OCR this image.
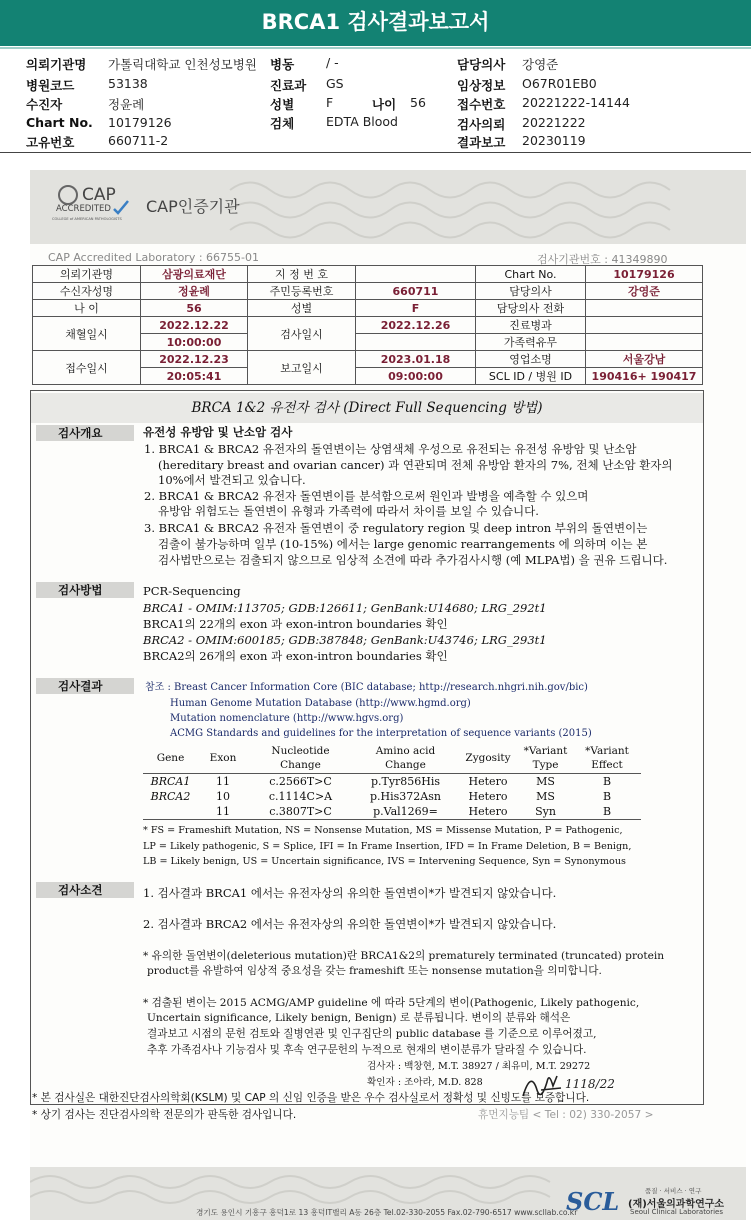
BRCA1 검사결과보고서
의뢰기관명 가톨릭대학교 인천성모병원
병원코드	53138
수진자	정윤례
Chart No. 10179126
고유번호	660711-2
병동	/ -
진료과 GS
성별	F	나이 56
검체	EDTA Blood
담당의사 강영준
임상정보 O67R01EB0
접수번호 20221222-14144
검사의뢰 20221222
결과보고 20230119
CAP
ACCREDITED
COLLEGE of AMERICAN PATHOLOGISTS
CAP인증기관
CAP Accredited Laboratory : 66755-01	검사기관번호 : 41349890
의뢰기관명	삼광의료재단	지 정 번 호		Chart No.	10179126
수신자성명	정윤례	주민등록번호	660711	담당의사	강영준
나 이	56	성별	F	담당의사 전화	
채혈일시	2022.12.22	검사일시	2022.12.26	진료병과	
	10:00:00			가족력유무	
접수일시	2022.12.23	보고일시	2023.01.18	영업소명	서울강남
	20:05:41		09:00:00	SCL ID / 병원 ID	190416+ 190417
BRCA 1&2 유전자 검사 (Direct Full Sequencing 방법)
검사개요	유전성 유방암 및 난소암 검사
1. BRCA1 & BRCA2 유전자의 돌연변이는 상염색체 우성으로 유전되는 유전성 유방암 및 난소암
(hereditary breast and ovarian cancer) 과 연관되며 전체 유방암 환자의 7%, 전체 난소암 환자의
10%에서 발견되고 있습니다.
2. BRCA1 & BRCA2 유전자 돌연변이를 분석함으로써 원인과 발병을 예측할 수 있으며
유방암 위험도는 돌연변이 유형과 가족력에 따라서 차이를 보일 수 있습니다.
3. BRCA1 & BRCA2 유전자 돌연변이 중 regulatory region 및 deep intron 부위의 돌연변이는
검출이 불가능하며 일부 (10-15%) 에서는 large genomic rearrangements 에 의하며 이는 본
검사법만으로는 검출되지 않으므로 임상적 소견에 따라 추가검사시행 (예 MLPA법) 을 권유 드립니다.
검사방법	PCR-Sequencing
BRCA1 - OMIM:113705; GDB:126611; GenBank:U14680; LRG_292t1
BRCA1의 22개의 exon 과 exon-intron boundaries 확인
BRCA2 - OMIM:600185; GDB:387848; GenBank:U43746; LRG_293t1
BRCA2의 26개의 exon 과 exon-intron boundaries 확인
검사결과	참조 : Breast Cancer Information Core (BIC database; http://research.nhgri.nih.gov/bic)
Human Genome Mutation Database (http://www.hgmd.org)
Mutation nomenclature (http://www.hgvs.org)
ACMG Standards and guidelines for the interpretation of sequence variants (2015)
Gene	Exon	Nucleotide Change	Amino acid Change	Zygosity	*Variant Type	*Variant Effect
BRCA1	11	c.2566T>C	p.Tyr856His	Hetero	MS	B
BRCA2	10	c.1114C>A	p.His372Asn	Hetero	MS	B
	11	c.3807T>C	p.Val1269=	Hetero	Syn	B
* FS = Frameshift Mutation, NS = Nonsense Mutation, MS = Missense Mutation, P = Pathogenic,
LP = Likely pathogenic, S = Splice, IFI = In Frame Insertion, IFD = In Frame Deletion, B = Benign,
LB = Likely benign, US = Uncertain significance, IVS = Intervening Sequence, Syn = Synonymous
검사소견	1. 검사결과 BRCA1 에서는 유전자상의 유의한 돌연변이*가 발견되지 않았습니다.
2. 검사결과 BRCA2 에서는 유전자상의 유의한 돌연변이*가 발견되지 않았습니다.
* 유의한 돌연변이(deleterious mutation)란 BRCA1&2의 prematurely terminated (truncated) protein
product를 유발하여 임상적 중요성을 갖는 frameshift 또는 nonsense mutation을 의미합니다.
* 검출된 변이는 2015 ACMG/AMP guideline 에 따라 5단계의 변이(Pathogenic, Likely pathogenic,
Uncertain significance, Likely benign, Benign) 로 분류됩니다. 변이의 분류와 해석은
결과보고 시점의 문헌 검토와 질병연관 및 인구집단의 public database 를 기준으로 이루어졌고,
추후 가족검사나 기능검사 및 후속 연구문헌의 누적으로 현재의 변이분류가 달라질 수 있습니다.
검사자 : 백창현, M.T. 38927 / 최유미, M.T. 29272
확인자 : 조아라, M.D. 828	1118/22
* 본 검사실은 대한진단검사의학회(KSLM) 및 CAP 의 신임 인증을 받은 우수 검사실로서 정확성 및 신빙도를 보증합니다.
* 상기 검사는 진단검사의학 전문의가 판독한 검사입니다.	휴먼지능팀 < Tel : 02) 330-2057 >
경기도 용인시 기흥구 흥덕1로 13 흥덕IT밸리 A동 26층 Tel.02-330-2055 Fax.02-790-6517 www.scllab.co.kr
SCL	품질 · 서비스 · 연구
(재)서울의과학연구소
Seoul Clinical Laboratories
